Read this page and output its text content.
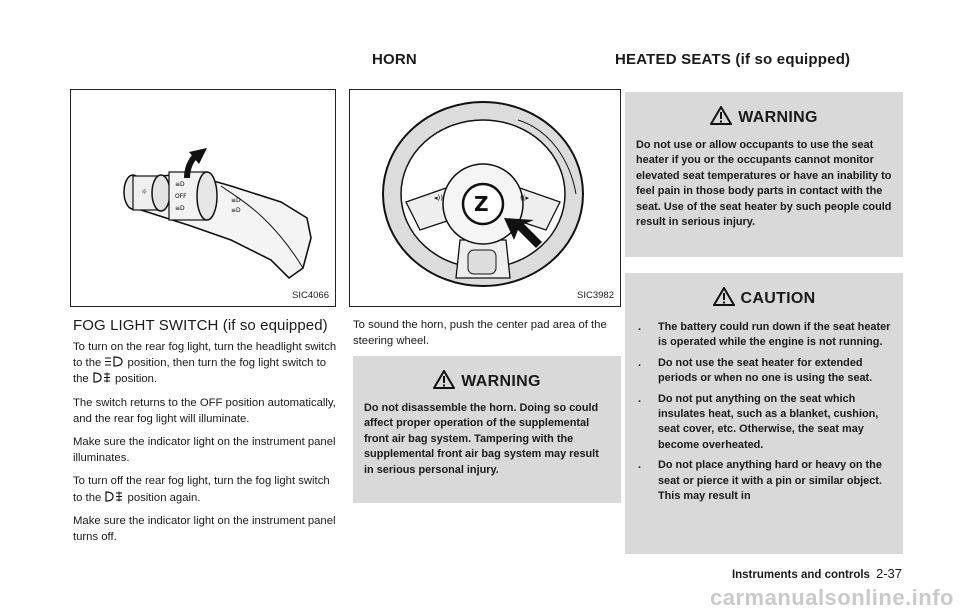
HORN	HEATED SEATS (if so equipped)
☼
≡D
OFF
≡D
≡D
≡D
SIC4066
FOG LIGHT SWITCH (if so equipped)

To turn on the rear fog light, turn the headlight switch to the position, then turn the fog light switch to the position.

The switch returns to the OFF position automatically, and the rear fog light will illuminate.

Make sure the indicator light on the instrument panel illuminates.

To turn off the rear fog light, turn the fog light switch to the position again.

Make sure the indicator light on the instrument panel turns off.

Z
◂))	((▸
SIC3982

To sound the horn, push the center pad area of the steering wheel.

WARNING
Do not disassemble the horn. Doing so could affect proper operation of the supplemental front air bag system. Tampering with the supplemental front air bag system may result in serious personal injury.
WARNING
Do not use or allow occupants to use the seat heater if you or the occupants cannot monitor elevated seat temperatures or have an inability to feel pain in those body parts in contact with the seat. Use of the seat heater by such people could result in serious injury.
CAUTION
. The battery could run down if the seat heater is operated while the engine is not running.
. Do not use the seat heater for extended periods or when no one is using the seat.
. Do not put anything on the seat which insulates heat, such as a blanket, cushion, seat cover, etc. Otherwise, the seat may become overheated.
. Do not place anything hard or heavy on the seat or pierce it with a pin or similar object. This may result in
Instruments and controls 2-37
carmanualsonline.info
